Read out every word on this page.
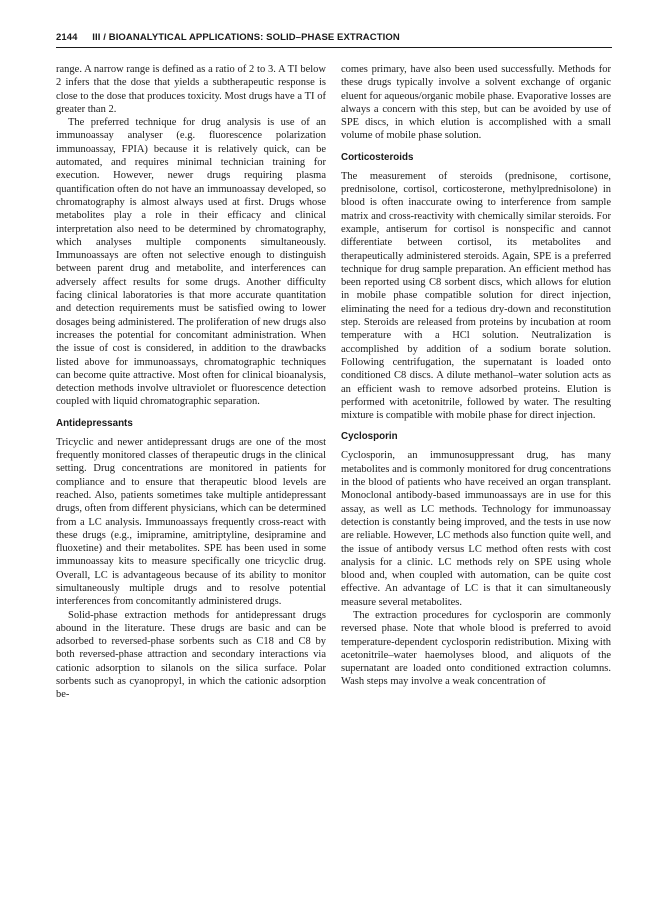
2144 III / BIOANALYTICAL APPLICATIONS: SOLID–PHASE EXTRACTION

range. A narrow range is defined as a ratio of 2 to 3. A TI below 2 infers that the dose that yields a subtherapeutic response is close to the dose that produces toxicity. Most drugs have a TI of greater than 2.

The preferred technique for drug analysis is use of an immunoassay analyser (e.g. fluorescence polarization immunoassay, FPIA) because it is relatively quick, can be automated, and requires minimal technician training for execution. However, newer drugs requiring plasma quantification often do not have an immunoassay developed, so chromatography is almost always used at first. Drugs whose metabolites play a role in their efficacy and clinical interpretation also need to be determined by chromatography, which analyses multiple components simultaneously. Immunoassays are often not selective enough to distinguish between parent drug and metabolite, and interferences can adversely affect results for some drugs. Another difficulty facing clinical laboratories is that more accurate quantitation and detection requirements must be satisfied owing to lower dosages being administered. The proliferation of new drugs also increases the potential for concomitant administration. When the issue of cost is considered, in addition to the drawbacks listed above for immunoassays, chromatographic techniques can become quite attractive. Most often for clinical bioanalysis, detection methods involve ultraviolet or fluorescence detection coupled with liquid chromatographic separation.

Antidepressants

Tricyclic and newer antidepressant drugs are one of the most frequently monitored classes of therapeutic drugs in the clinical setting. Drug concentrations are monitored in patients for compliance and to ensure that therapeutic blood levels are reached. Also, patients sometimes take multiple antidepressant drugs, often from different physicians, which can be determined from a LC analysis. Immunoassays frequently cross-react with these drugs (e.g., imipramine, amitriptyline, desipramine and fluoxetine) and their metabolites. SPE has been used in some immunoassay kits to measure specifically one tricyclic drug. Overall, LC is advantageous because of its ability to monitor simultaneously multiple drugs and to resolve potential interferences from concomitantly administered drugs.

Solid-phase extraction methods for antidepressant drugs abound in the literature. These drugs are basic and can be adsorbed to reversed-phase sorbents such as C18 and C8 by both reversed-phase attraction and secondary interactions via cationic adsorption to silanols on the silica surface. Polar sorbents such as cyanopropyl, in which the cationic adsorption be-

comes primary, have also been used successfully. Methods for these drugs typically involve a solvent exchange of organic eluent for aqueous/organic mobile phase. Evaporative losses are always a concern with this step, but can be avoided by use of SPE discs, in which elution is accomplished with a small volume of mobile phase solution.

Corticosteroids

The measurement of steroids (prednisone, cortisone, prednisolone, cortisol, corticosterone, methylprednisolone) in blood is often inaccurate owing to interference from sample matrix and cross-reactivity with chemically similar steroids. For example, antiserum for cortisol is nonspecific and cannot differentiate between cortisol, its metabolites and therapeutically administered steroids. Again, SPE is a preferred technique for drug sample preparation. An efficient method has been reported using C8 sorbent discs, which allows for elution in mobile phase compatible solution for direct injection, eliminating the need for a tedious dry-down and reconstitution step. Steroids are released from proteins by incubation at room temperature with a HCl solution. Neutralization is accomplished by addition of a sodium borate solution. Following centrifugation, the supernatant is loaded onto conditioned C8 discs. A dilute methanol–water solution acts as an efficient wash to remove adsorbed proteins. Elution is performed with acetonitrile, followed by water. The resulting mixture is compatible with mobile phase for direct injection.

Cyclosporin

Cyclosporin, an immunosuppressant drug, has many metabolites and is commonly monitored for drug concentrations in the blood of patients who have received an organ transplant. Monoclonal antibody-based immunoassays are in use for this assay, as well as LC methods. Technology for immunoassay detection is constantly being improved, and the tests in use now are reliable. However, LC methods also function quite well, and the issue of antibody versus LC method often rests with cost analysis for a clinic. LC methods rely on SPE using whole blood and, when coupled with automation, can be quite cost effective. An advantage of LC is that it can simultaneously measure several metabolites.

The extraction procedures for cyclosporin are commonly reversed phase. Note that whole blood is preferred to avoid temperature-dependent cyclosporin redistribution. Mixing with acetonitrile–water haemolyses blood, and aliquots of the supernatant are loaded onto conditioned extraction columns. Wash steps may involve a weak concentration of
